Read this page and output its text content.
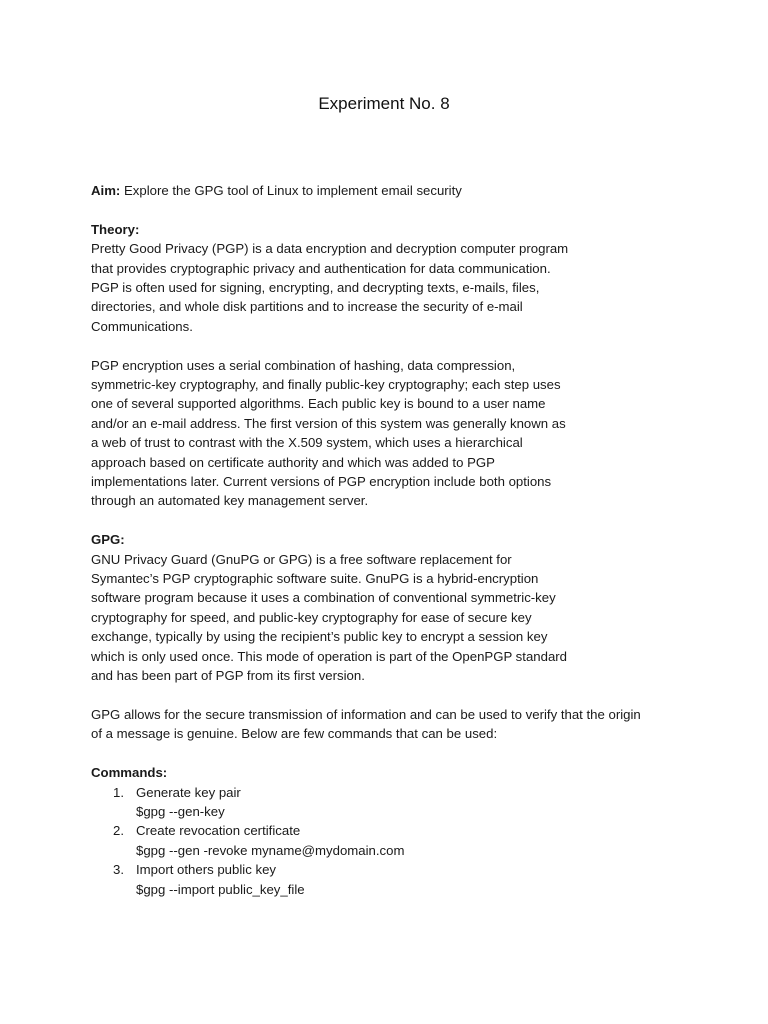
Experiment No. 8

Aim: Explore the GPG tool of Linux to implement email security

Theory:
Pretty Good Privacy (PGP) is a data encryption and decryption computer program
that provides cryptographic privacy and authentication for data communication.
PGP is often used for signing, encrypting, and decrypting texts, e-mails, files,
directories, and whole disk partitions and to increase the security of e-mail
Communications.
PGP encryption uses a serial combination of hashing, data compression,
symmetric-key cryptography, and finally public-key cryptography; each step uses
one of several supported algorithms. Each public key is bound to a user name
and/or an e-mail address. The first version of this system was generally known as
a web of trust to contrast with the X.509 system, which uses a hierarchical
approach based on certificate authority and which was added to PGP
implementations later. Current versions of PGP encryption include both options
through an automated key management server.
GPG:
GNU Privacy Guard (GnuPG or GPG) is a free software replacement for
Symantec’s PGP cryptographic software suite. GnuPG is a hybrid-encryption
software program because it uses a combination of conventional symmetric-key
cryptography for speed, and public-key cryptography for ease of secure key
exchange, typically by using the recipient’s public key to encrypt a session key
which is only used once. This mode of operation is part of the OpenPGP standard
and has been part of PGP from its first version.
GPG allows for the secure transmission of information and can be used to verify that the origin
of a message is genuine. Below are few commands that can be used:
Commands:
1. Generate key pair
$gpg --gen-key
2. Create revocation certificate
$gpg --gen -revoke myname@mydomain.com
3. Import others public key
$gpg --import public_key_file
